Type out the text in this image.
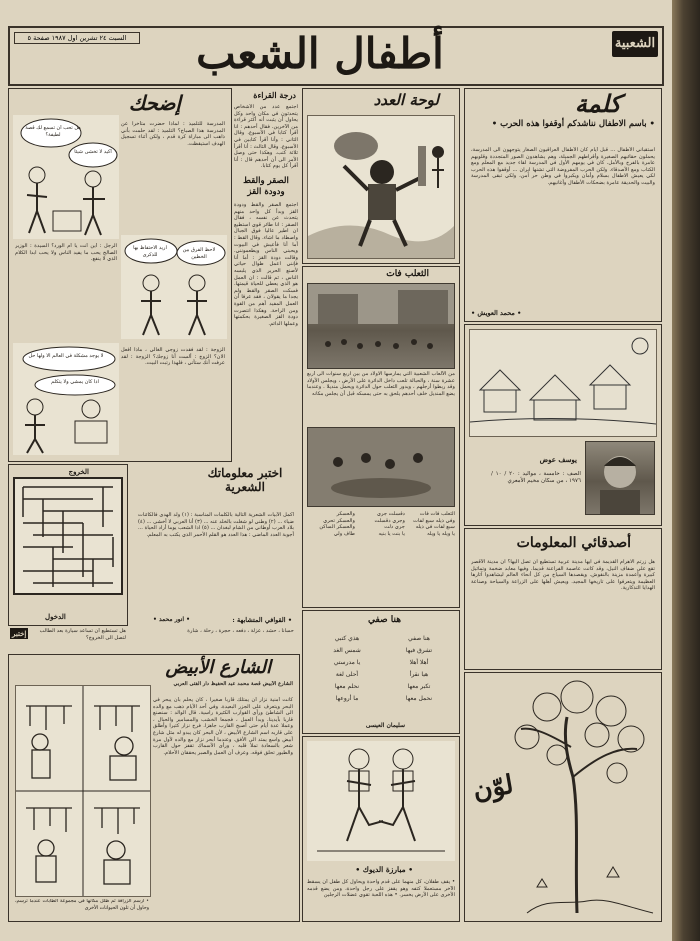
الشعبية
أطفال الشعب
السبت ٢٤ تشرين اول ١٩٨٧ صفحة ٥
كلمة
• باسم الاطفال نناشدكم أوقفوا هذه الحرب •
استقباني الأطفال ... قبل أيام كان الأطفال العراقيون الصغار يتوجهون الى المدرسة، يحملون حقائبهم الصغيرة وأقراطهم الجميلة، وهم يشاهدون الصور المتجددة وقلوبهم عامرة بالفرح وبالأمل. كان في يومهم الأول في المدرسة لقاء جديد مع المعلم ومع الكتاب ومع الأصدقاء. ولكن الحرب المفروضة التي تشنها ايران ... أوقفوا هذه الحرب لكي يعيش الاطفال بسلام وأمان ويكبروا في وطن حر آمن، ولكي تبقى المدرسة والبيت والحديقة عامرة بضحكات الأطفال وأغانيهم.
• محمد العويش •
يوسف عوض
الصف : خامسة ، مواليد : ٢٠ / ١٠ / ١٩٧٦ ، من سكان مخيم الأمعري
أصدقائي المعلومات
هل زرتم الاهرام القديمة في ايها مدينة عربية تستطيع ان تصل اليها؟ ان مدينة الأقصر تقع على ضفاف النيل، وقد كانت عاصمة الفراعنة قديما. وفيها معابد ضخمة وتماثيل كبيرة وأعمدة مزينة بالنقوش. ويقصدها السياح من كل أنحاء العالم ليشاهدوا آثارها العظيمة ويتعرفوا على تاريخها المجيد. ويعيش أهلها على الزراعة والسياحة وصناعة الهدايا التذكارية.
لوّن
لوحة العدد
الثعلب فات
من الألعاب الشعبية التي يمارسها الاولاد من بين اربع سنوات الى أربع عشرة سنة ، والحبالة تلعب داخل الدائرة على الأرض ، ويجلس الأولاد وقد ربطوا أرجلهم ، ويدور الثعلب حول الدائرة ويحمل منديلا . وعندما يضع المنديل خلف أحدهم يلحق به حتى يمسكه قبل أن يجلس مكانه
الثعلب فات فات
وفي ذيله سبع لفات
سبع لفات في ذيله
يا ويله يا ويله
دقسلت جري
وجري دقسلت
جري دلت
يا بنت يا بنيه
والعسكر
والعسكر تحري
والعسكر الساكن
طاف ولي
هنا صفي
هنا صفي
تشرق فيها
أهلا أهلا
هيا نقرأ
تكبر معها
نحمل معها
هذي كتبي
شمس الغد
يا مدرستي
أحلى لغة
نحلم معها
ما أروعها
سليمان العيسى
• مبارزة الديوك •
• يقف طفلان، كل منهما على قدم واحدة ويحاول كل طفل أن يسقط الآخر مستعملا كتفه وهو يقفز على رجل واحدة، ومن يضع قدمه الأخرى على الأرض يخسر. • هذه اللعبة تقوي عضلات الرجلين
إضحك
هل تحب أن تسمع لك قصة لطيفة؟
أكيد لا تخشى شيئا
المدرسة للتلميذ : لماذا حضرت متأخرا عن المدرسة هذا الصباح؟ التلميذ : لقد حلمت بأني ذاهب الى مباراة كرة قدم ، ولكن أثناء تسجيل الهدف استيقظت.
اريد الاحتفاظ بها للذكرى
لاحظ الفرق بين الخطين
الرجل : أين أنت يا أم الورد؟ السيدة : الوزير الصالح يحب ما يفيد الناس ولا يحب ابدا الكلام الذي لا ينفع.
لا يوجد مشكلة في العالم الا ولها حل
اذا كان يمشي ولا يتكلم
الزوجة : لقد فقدت زوجي الغالي ، ماذا أفعل الان؟ الزوج : ألست أنا زوجك؟ الزوجة : لقد عرفت أنك ستأتي ، فلهذا رتبت البيت.
درجة القراءة
اجتمع عدد من الأشخاص يتحدثون في مكان واحد وكل يحاول أن يثبت أنه أكثر قراءة من الآخرين. فقال أحدهم : انا أقرأ كتابا في الأسبوع. وقال الثاني : وأنا أقرأ كتابين في الأسبوع. وقال الثالث : أنا أقرأ ثلاثة كتب. وهكذا حتى وصل الأمر الى أن أحدهم قال : أنا أقرأ كل يوم كتابا.
الصقر والقط ودودة القز
اجتمع الصقر والقط ودودة القز وبدأ كل واحد منهم يتحدث عن نفسه ، فقال الصقر : انا طائر قوي استطيع ان اطير عاليا فوق الجبال واصطاد ما اشاء. وقال القط : أما أنا فأعيش في البيوت ويحبني الناس ويطعمونني. وقالت دودة القز : أما أنا فإنني اعمل طوال حياتي لأصنع الحرير الذي يلبسه الناس ، ثم قالت : ان العمل هو الذي يعطي للحياة قيمتها. فسكت الصقر والقط ولم يجدا ما يقولان ، فقد عرفا أن العمل المفيد أهم من القوة ومن الراحة. وهكذا انتصرت دودة القز الصغيرة بحكمتها وعملها الدائم.
الخروج
الدخول
هل تستطيع أن تساعد سيارة بعد الطالب لتصل الى الخروج؟
إختبر
اختبر معلوماتك الشعرية
أكمل الأبيات الشعرية التالية بالكلمات المناسبة : (١) ولد الهدى فالكائنات ضياء ... (٢) وطني لو شغلت بالخلد عنه ... (٣) أنا العربي لا أخشى ... (٤) بلاد العرب أوطاني من الشام لبغدان ... (٥) اذا الشعب يوما أراد الحياة ... أجوبة العدد الماضي : هذا العدد هو القلم الأحمر الذي يكتب به المعلم.
• القوافي المتشابهة :
حسانا ، حشد ، عزلة ، دفعه ، حجرة ، رحلة ، شارة
• انور محمد •
الشارع الأبيض
الشارع الأبيض قصة محمد عبد الحفيظ دار الفتى العربي
كانت أمنية نزار أن يمتلك قاربا صغيرا ، كان يحلم بأن يبحر في البحر ويتعرف على الجزر البعيدة. وفي أحد الأيام ذهب مع والده الى الشاطئ ورأى القوارب الكثيرة راسية. قال الوالد : سنصنع قاربا بأيدينا. وبدأ العمل ، فجمعا الخشب والمسامير والحبال ، وعملا عدة أيام حتى أصبح القارب جاهزا. فرح نزار كثيرا وأطلق على قاربه اسم الشارع الأبيض ، لأن البحر كان يبدو له مثل شارع أبيض واسع يمتد الى الأفق. وعندما أبحر نزار مع والده لأول مرة شعر بالسعادة تملأ قلبه ، ورأى الأسماك تقفز حول القارب والطيور تحلق فوقه. وعرف أن العمل والصبر يحققان الأحلام.
• ارسم الزرافة ثم ظلل مكانها في مجموعة الطابات عندما ترسم، وحاول أن تلون الحيوانات الأخرى
